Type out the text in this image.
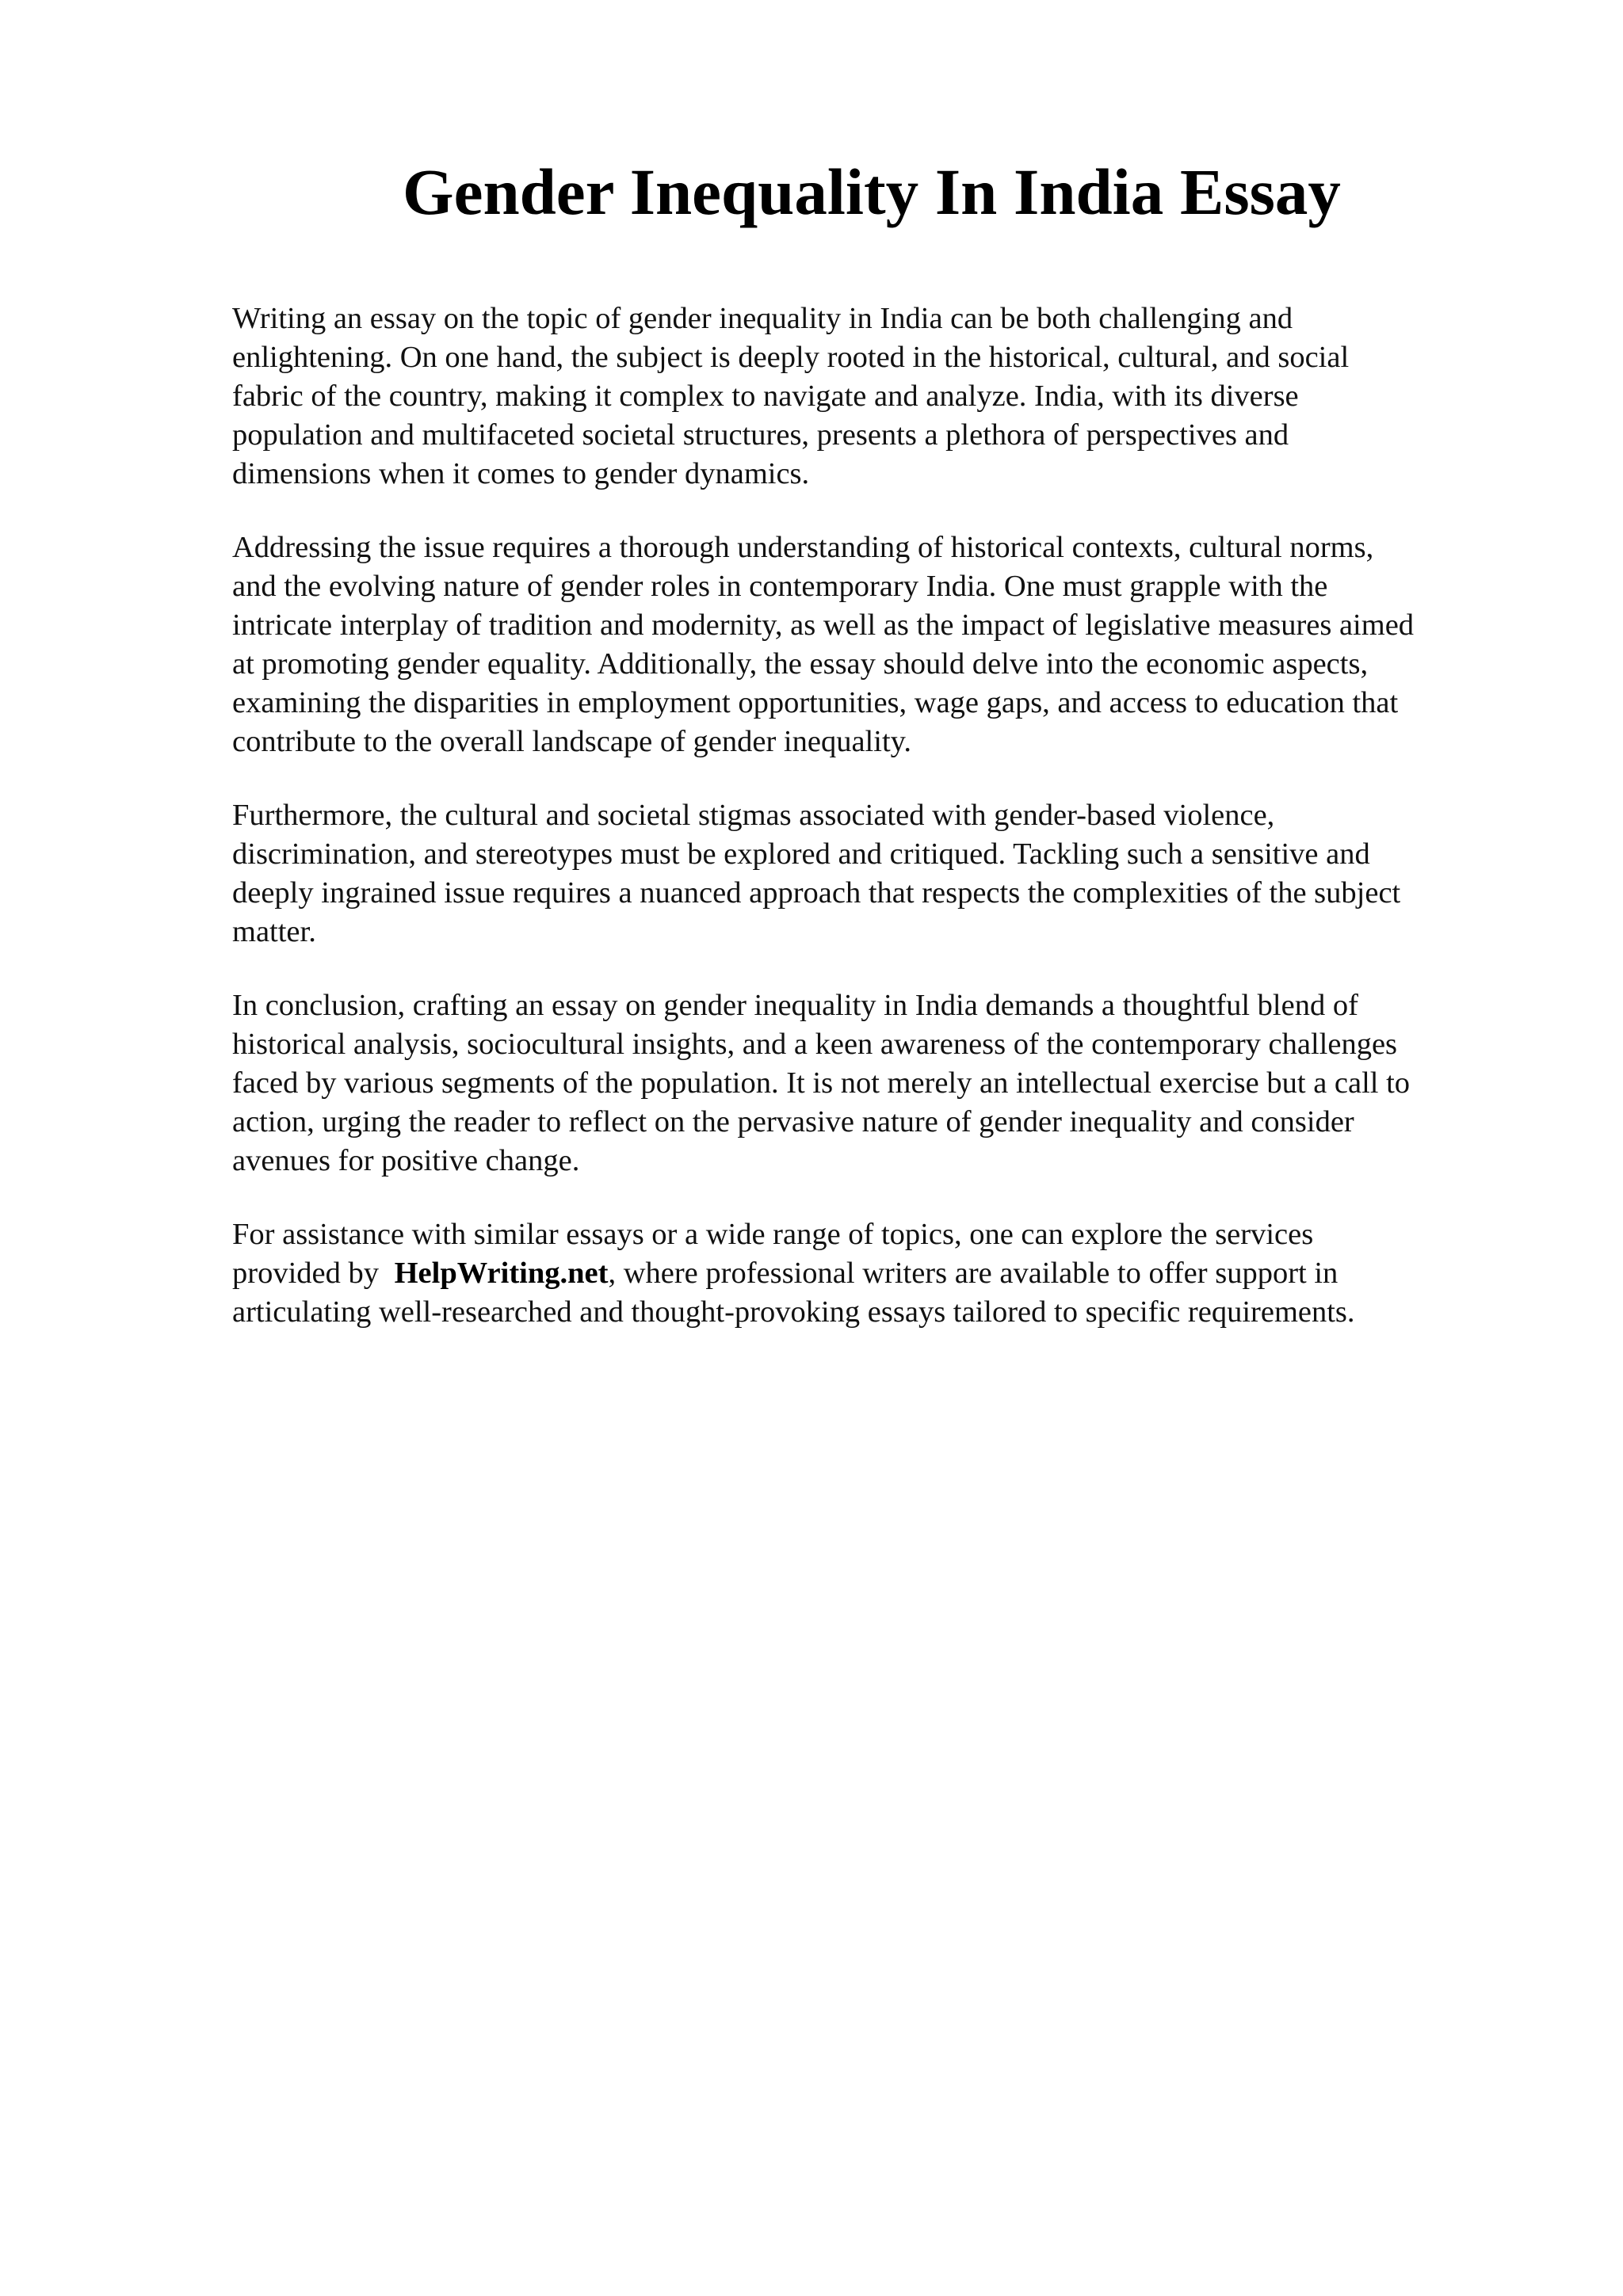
Gender Inequality In India Essay

Writing an essay on the topic of gender inequality in India can be both challenging and
enlightening. On one hand, the subject is deeply rooted in the historical, cultural, and social
fabric of the country, making it complex to navigate and analyze. India, with its diverse
population and multifaceted societal structures, presents a plethora of perspectives and
dimensions when it comes to gender dynamics.

Addressing the issue requires a thorough understanding of historical contexts, cultural norms,
and the evolving nature of gender roles in contemporary India. One must grapple with the
intricate interplay of tradition and modernity, as well as the impact of legislative measures aimed
at promoting gender equality. Additionally, the essay should delve into the economic aspects,
examining the disparities in employment opportunities, wage gaps, and access to education that
contribute to the overall landscape of gender inequality.

Furthermore, the cultural and societal stigmas associated with gender-based violence,
discrimination, and stereotypes must be explored and critiqued. Tackling such a sensitive and
deeply ingrained issue requires a nuanced approach that respects the complexities of the subject
matter.

In conclusion, crafting an essay on gender inequality in India demands a thoughtful blend of
historical analysis, sociocultural insights, and a keen awareness of the contemporary challenges
faced by various segments of the population. It is not merely an intellectual exercise but a call to
action, urging the reader to reflect on the pervasive nature of gender inequality and consider
avenues for positive change.

For assistance with similar essays or a wide range of topics, one can explore the services
provided by HelpWriting.net, where professional writers are available to offer support in
articulating well-researched and thought-provoking essays tailored to specific requirements.
